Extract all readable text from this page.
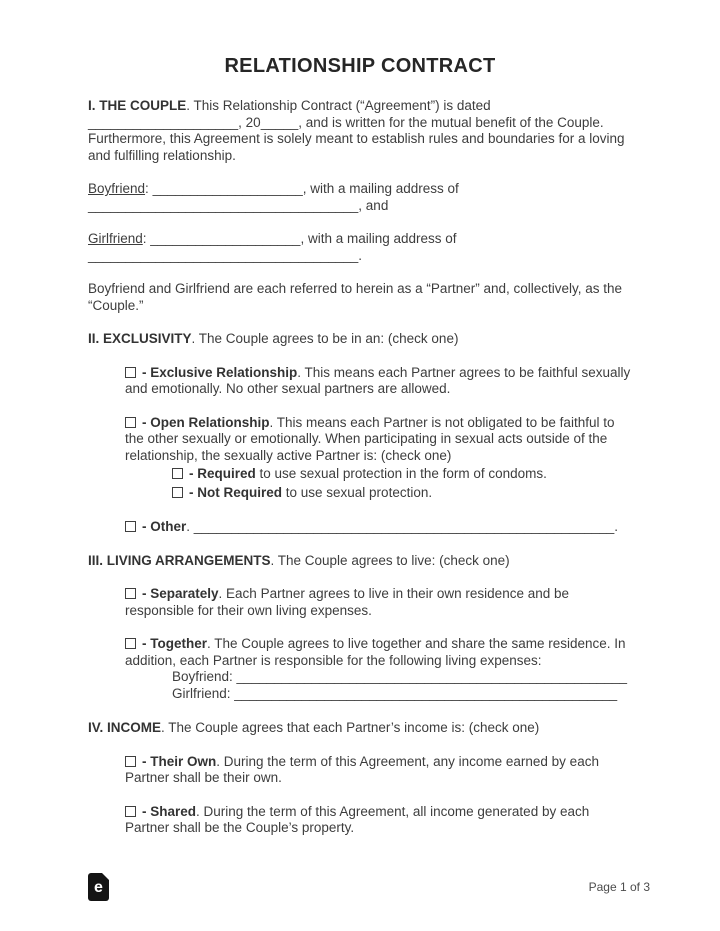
RELATIONSHIP CONTRACT

I. THE COUPLE. This Relationship Contract (“Agreement”) is dated
____________________, 20_____, and is written for the mutual benefit of the Couple. Furthermore, this Agreement is solely meant to establish rules and boundaries for a loving and fulfilling relationship.

Boyfriend: ____________________, with a mailing address of
____________________________________, and

Girlfriend: ____________________, with a mailing address of
____________________________________.

Boyfriend and Girlfriend are each referred to herein as a “Partner” and, collectively, as the “Couple.”

II. EXCLUSIVITY. The Couple agrees to be in an: (check one)

- Exclusive Relationship. This means each Partner agrees to be faithful sexually and emotionally. No other sexual partners are allowed.

- Open Relationship. This means each Partner is not obligated to be faithful to the other sexually or emotionally. When participating in sexual acts outside of the relationship, the sexually active Partner is: (check one)

- Required to use sexual protection in the form of condoms.

- Not Required to use sexual protection.

- Other. ________________________________________________________.

III. LIVING ARRANGEMENTS. The Couple agrees to live: (check one)

- Separately. Each Partner agrees to live in their own residence and be responsible for their own living expenses.

- Together. The Couple agrees to live together and share the same residence. In addition, each Partner is responsible for the following living expenses:

Boyfriend: ____________________________________________________

Girlfriend: ___________________________________________________

IV. INCOME. The Couple agrees that each Partner’s income is: (check one)

- Their Own. During the term of this Agreement, any income earned by each Partner shall be their own.

- Shared. During the term of this Agreement, all income generated by each Partner shall be the Couple’s property.

e	Page 1 of 3
